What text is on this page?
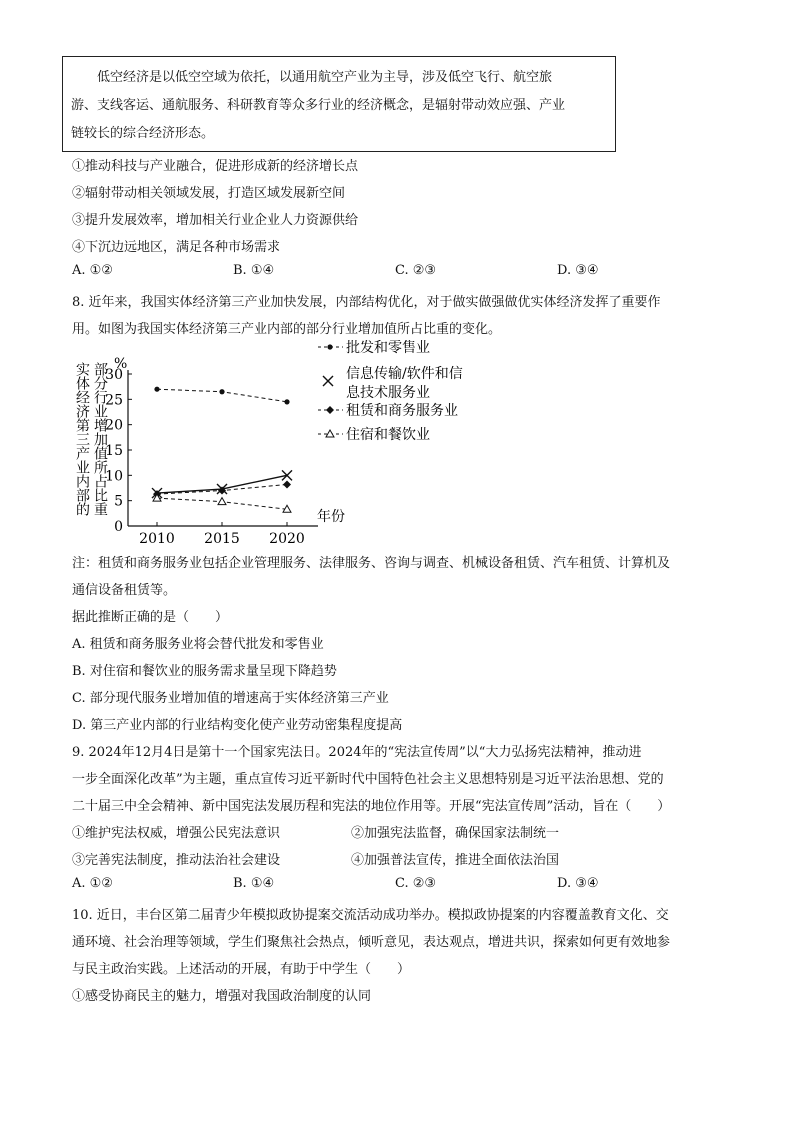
　　低空经济是以低空空域为依托，以通用航空产业为主导，涉及低空飞行、航空旅
游、支线客运、通航服务、科研教育等众多行业的经济概念，是辐射带动效应强、产业
链较长的综合经济形态。
①推动科技与产业融合，促进形成新的经济增长点
②辐射带动相关领域发展，打造区域发展新空间
③提升发展效率，增加相关行业企业人力资源供给
④下沉边远地区，满足各种市场需求
A. ①②	B. ①④	C. ②③	D. ③④
8. 近年来，我国实体经济第三产业加快发展，内部结构优化，对于做实做强做优实体经济发挥了重要作
用。如图为我国实体经济第三产业内部的部分行业增加值所占比重的变化。
实体经济第三产业内部的 部分行业增加值所占比重 %
0
5
10
15
20
25
30
2010 2015 2020
年份
批发和零售业
信息传输/软件和信
息技术服务业
租赁和商务服务业
住宿和餐饮业
注：租赁和商务服务业包括企业管理服务、法律服务、咨询与调查、机械设备租赁、汽车租赁、计算机及
通信设备租赁等。
据此推断正确的是（　　）
A. 租赁和商务服务业将会替代批发和零售业
B. 对住宿和餐饮业的服务需求量呈现下降趋势
C. 部分现代服务业增加值的增速高于实体经济第三产业
D. 第三产业内部的行业结构变化使产业劳动密集程度提高
9. 2024年12月4日是第十一个国家宪法日。2024年的“宪法宣传周”以“大力弘扬宪法精神，推动进
一步全面深化改革”为主题，重点宣传习近平新时代中国特色社会主义思想特别是习近平法治思想、党的
二十届三中全会精神、新中国宪法发展历程和宪法的地位作用等。开展“宪法宣传周”活动，旨在（　　）
①维护宪法权威，增强公民宪法意识	②加强宪法监督，确保国家法制统一
③完善宪法制度，推动法治社会建设	④加强普法宣传，推进全面依法治国
A. ①②	B. ①④	C. ②③	D. ③④
10. 近日，丰台区第二届青少年模拟政协提案交流活动成功举办。模拟政协提案的内容覆盖教育文化、交
通环境、社会治理等领域，学生们聚焦社会热点，倾听意见，表达观点，增进共识，探索如何更有效地参
与民主政治实践。上述活动的开展，有助于中学生（　　）
①感受协商民主的魅力，增强对我国政治制度的认同
